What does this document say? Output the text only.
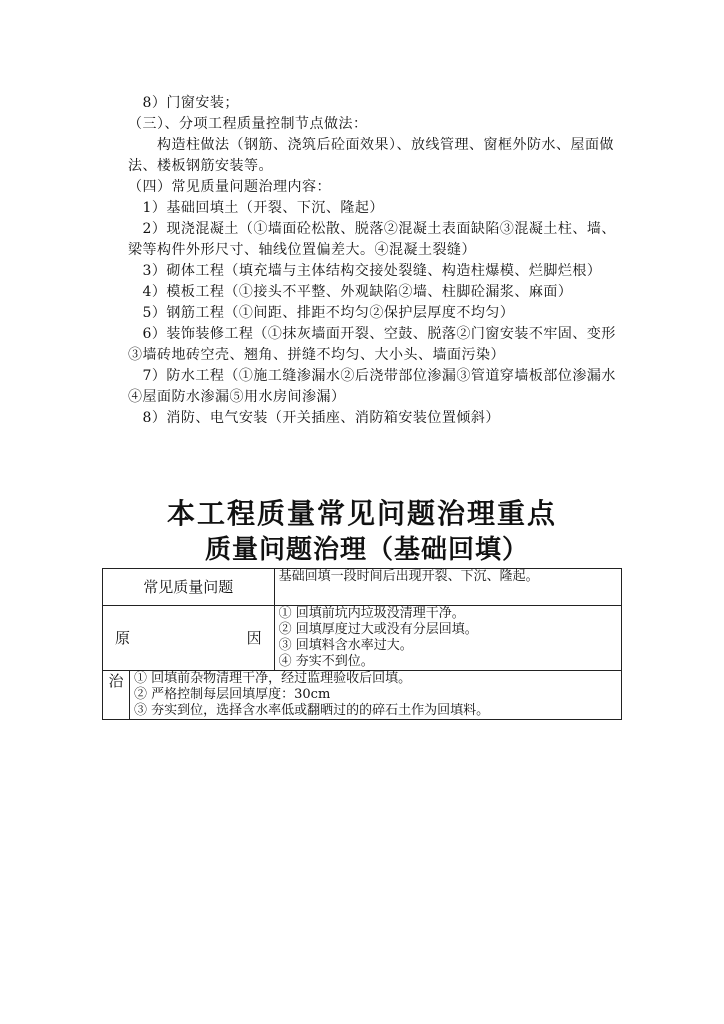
　8）门窗安装；

（三）、分项工程质量控制节点做法：

　　构造柱做法（钢筋、浇筑后砼面效果）、放线管理、窗框外防水、屋面做法、楼板钢筋安装等。

（四）常见质量问题治理内容：

　1）基础回填土（开裂、下沉、隆起）

　2）现浇混凝土（①墙面砼松散、脱落②混凝土表面缺陷③混凝土柱、墙、梁等构件外形尺寸、轴线位置偏差大。④混凝土裂缝）

　3）砌体工程（填充墙与主体结构交接处裂缝、构造柱爆模、烂脚烂根）

　4）模板工程（①接头不平整、外观缺陷②墙、柱脚砼漏浆、麻面）

　5）钢筋工程（①间距、排距不均匀②保护层厚度不均匀）

　6）装饰装修工程（①抹灰墙面开裂、空鼓、脱落②门窗安装不牢固、变形③墙砖地砖空壳、翘角、拼缝不均匀、大小头、墙面污染）

　7）防水工程（①施工缝渗漏水②后浇带部位渗漏③管道穿墙板部位渗漏水④屋面防水渗漏⑤用水房间渗漏）

　8）消防、电气安装（开关插座、消防箱安装位置倾斜）

本工程质量常见问题治理重点
质量问题治理（基础回填）
常见质量问题		基础回填一段时间后出现开裂、下沉、隆起。

原 因		① 回填前坑内垃圾没清理干净。
② 回填厚度过大或没有分层回填。
③ 回填料含水率过大。
④ 夯实不到位。

治	① 回填前杂物清理干净，经过监理验收后回填。
② 严格控制每层回填厚度：30cm
③ 夯实到位，选择含水率低或翻晒过的的碎石土作为回填料。	
